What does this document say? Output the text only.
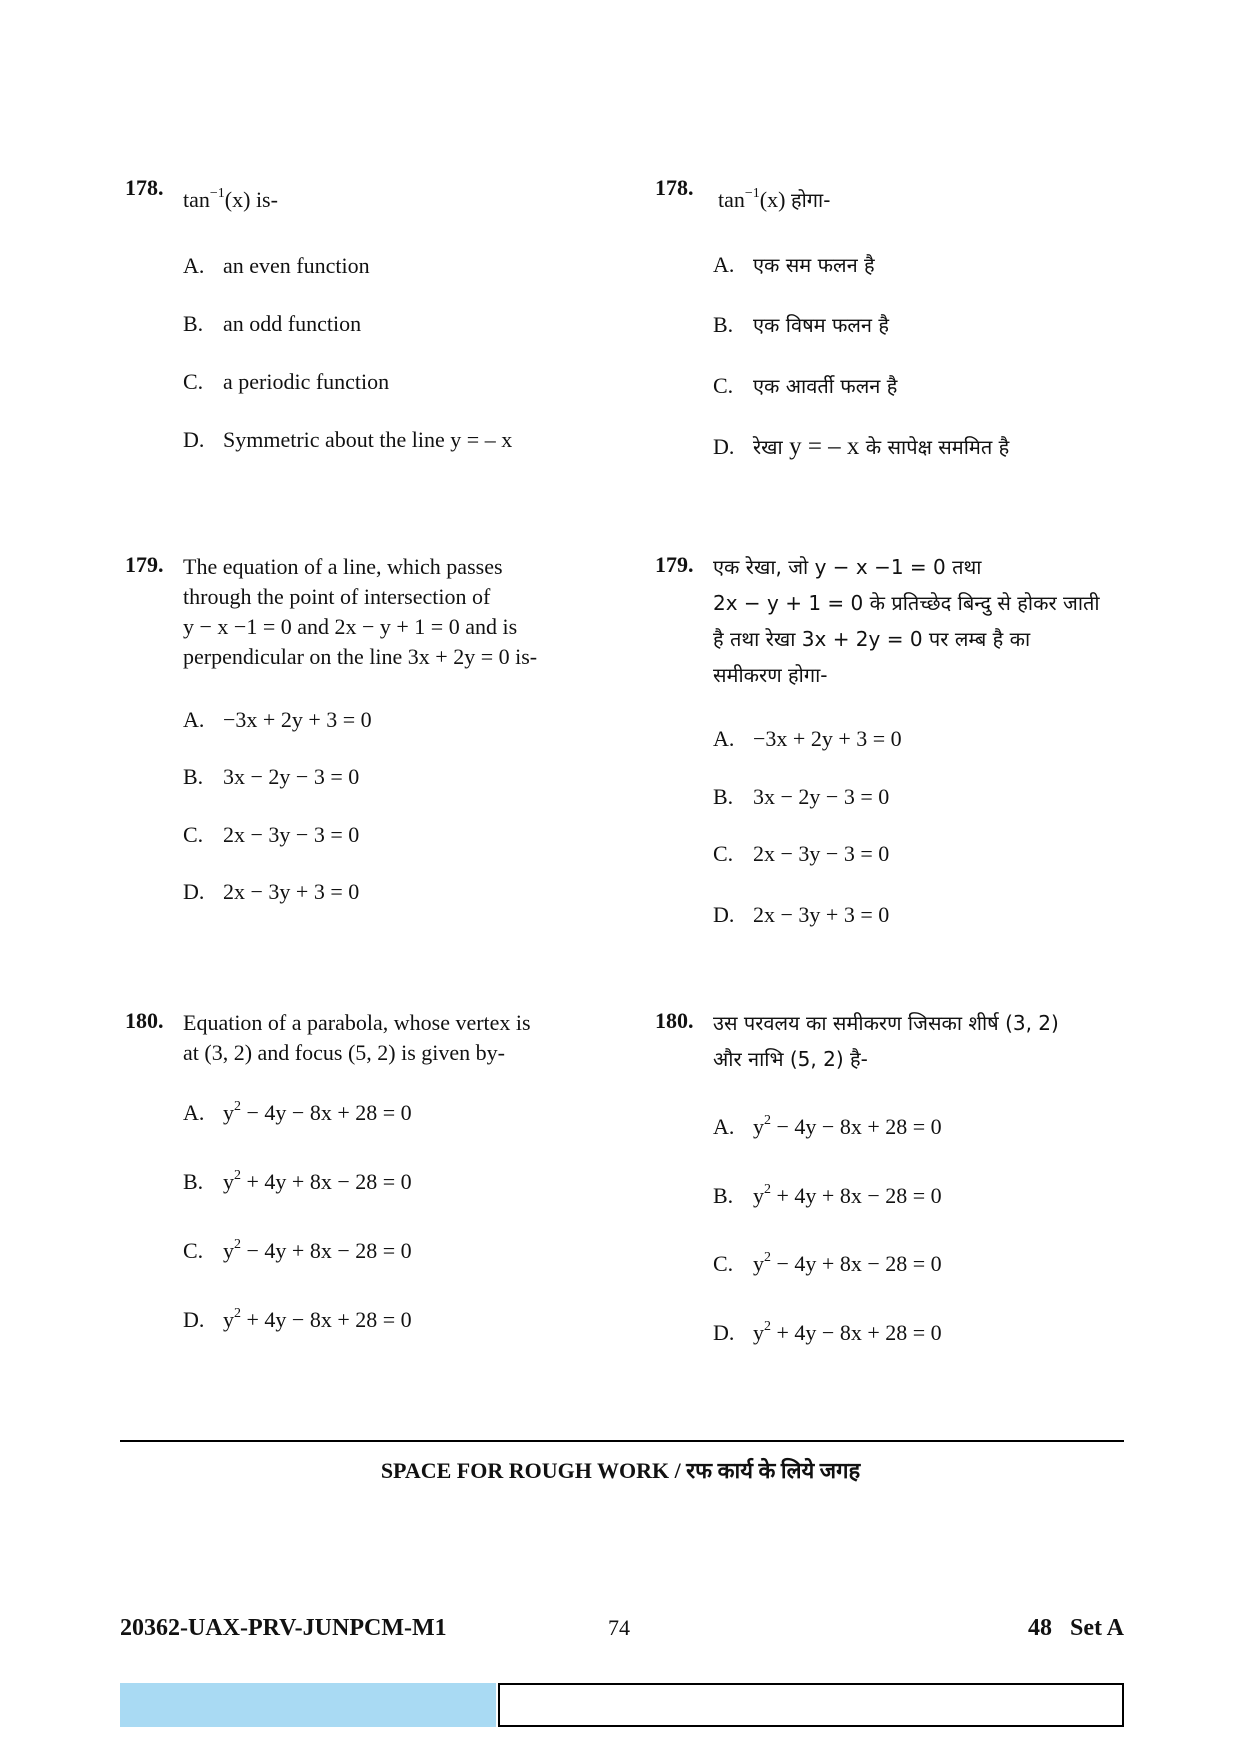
178. $\tan^{-1}(x)$ is-
A. an even function
B. an odd function
C. a periodic function
D. Symmetric about the line y = – x
179. The equation of a line, which passes
through the point of intersection of
y − x −1 = 0 and 2x − y + 1 = 0 and is
perpendicular on the line 3x + 2y = 0 is-
A. −3x + 2y + 3 = 0
B. 3x − 2y − 3 = 0
C. 2x − 3y − 3 = 0
D. 2x − 3y + 3 = 0
180. Equation of a parabola, whose vertex is
at (3, 2) and focus (5, 2) is given by-
A. $y^2 - 4y - 8x + 28 = 0$
B. $y^2 + 4y + 8x - 28 = 0$
C. $y^2 - 4y + 8x - 28 = 0$
D. $y^2 + 4y - 8x + 28 = 0$
178. $\tan^{-1}(x)$ होगा-
A. एक सम फलन है
B. एक विषम फलन है
C. एक आवर्ती फलन है
D. रेखा y = – x के सापेक्ष सममित है
179. एक रेखा, जो y − x −1 = 0 तथा
2x − y + 1 = 0 के प्रतिच्छेद बिन्दु से होकर जाती
है तथा रेखा 3x + 2y = 0 पर लम्ब है का
समीकरण होगा-
A. −3x + 2y + 3 = 0
B. 3x − 2y − 3 = 0
C. 2x − 3y − 3 = 0
D. 2x − 3y + 3 = 0
180. उस परवलय का समीकरण जिसका शीर्ष (3, 2)
और नाभि (5, 2) है-
A. $y^2 - 4y - 8x + 28 = 0$
B. $y^2 + 4y + 8x - 28 = 0$
C. $y^2 - 4y + 8x - 28 = 0$
D. $y^2 + 4y - 8x + 28 = 0$
SPACE FOR ROUGH WORK / रफ कार्य के लिये जगह
20362-UAX-PRV-JUNPCM-M1	74	48   Set A
